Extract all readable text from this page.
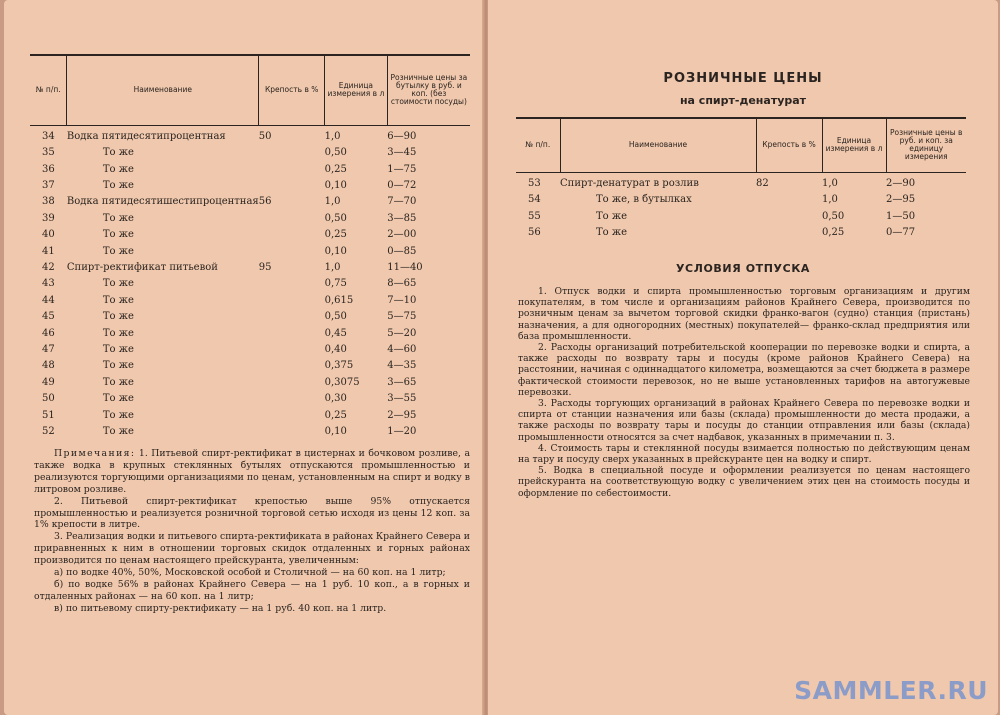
№ п/п.	Наименование	Крепость в %	Единица измерения в л	Розничные цены за бутылку в руб. и коп. (без стоимости посуды)
34	Водка пятидесятипроцентная	50	1,0	6—90
35	То же		0,50	3—45
36	То же		0,25	1—75
37	То же		0,10	0—72
38	Водка пятидесятишестипроцентная	56	1,0	7—70
39	То же		0,50	3—85
40	То же		0,25	2—00
41	То же		0,10	0—85
42	Спирт-ректификат питьевой	95	1,0	11—40
43	То же		0,75	8—65
44	То же		0,615	7—10
45	То же		0,50	5—75
46	То же		0,45	5—20
47	То же		0,40	4—60
48	То же		0,375	4—35
49	То же		0,3075	3—65
50	То же		0,30	3—55
51	То же		0,25	2—95
52	То же		0,10	1—20

Примечания: 1. Питьевой спирт-ректификат в цистернах и бочковом розливе, а также водка в крупных стеклянных бутылях отпускаются промышленностью и реализуются торгующими организациями по ценам, установленным на спирт и водку в литровом розливе.

2. Питьевой спирт-ректификат крепостью выше 95% отпускается промышленностью и реализуется розничной торговой сетью исходя из цены 12 коп. за 1% крепости в литре.

3. Реализация водки и питьевого спирта-ректификата в районах Крайнего Севера и приравненных к ним в отношении торговых скидок отдаленных и горных районах производится по ценам настоящего прейскуранта, увеличенным:

а) по водке 40%, 50%, Московской особой и Столичной — на 60 коп. на 1 литр;

б) по водке 56% в районах Крайнего Севера — на 1 руб. 10 коп., а в горных и отдаленных районах — на 60 коп. на 1 литр;

в) по питьевому спирту-ректификату — на 1 руб. 40 коп. на 1 литр.

РОЗНИЧНЫЕ ЦЕНЫ
на спирт-денатурат
№ п/п.	Наименование	Крепость в %	Единица измерения в л	Розничные цены в руб. и коп. за единицу измерения
53	Спирт-денатурат в розлив	82	1,0	2—90
54	То же, в бутылках		1,0	2—95
55	То же		0,50	1—50
56	То же		0,25	0—77
УСЛОВИЯ ОТПУСКА

1. Отпуск водки и спирта промышленностью торговым организациям и другим покупателям, в том числе и организациям районов Крайнего Севера, производится по розничным ценам за вычетом торговой скидки франко-вагон (судно) станция (пристань) назначения, а для одногородних (местных) покупателей— франко-склад предприятия или база промышленности.

2. Расходы организаций потребительской кооперации по перевозке водки и спирта, а также расходы по возврату тары и посуды (кроме районов Крайнего Севера) на расстоянии, начиная с одиннадцатого километра, возмещаются за счет бюджета в размере фактической стоимости перевозок, но не выше установленных тарифов на автогужевые перевозки.

3. Расходы торгующих организаций в районах Крайнего Севера по перевозке водки и спирта от станции назначения или базы (склада) промышленности до места продажи, а также расходы по возврату тары и посуды до станции отправления или базы (склада) промышленности относятся за счет надбавок, указанных в примечании п. 3.

4. Стоимость тары и стеклянной посуды взимается полностью по действующим ценам на тару и посуду сверх указанных в прейскуранте цен на водку и спирт.

5. Водка в специальной посуде и оформлении реализуется по ценам настоящего прейскуранта на соответствующую водку с увеличением этих цен на стоимость посуды и оформление по себестоимости.

SAMMLER.RU
